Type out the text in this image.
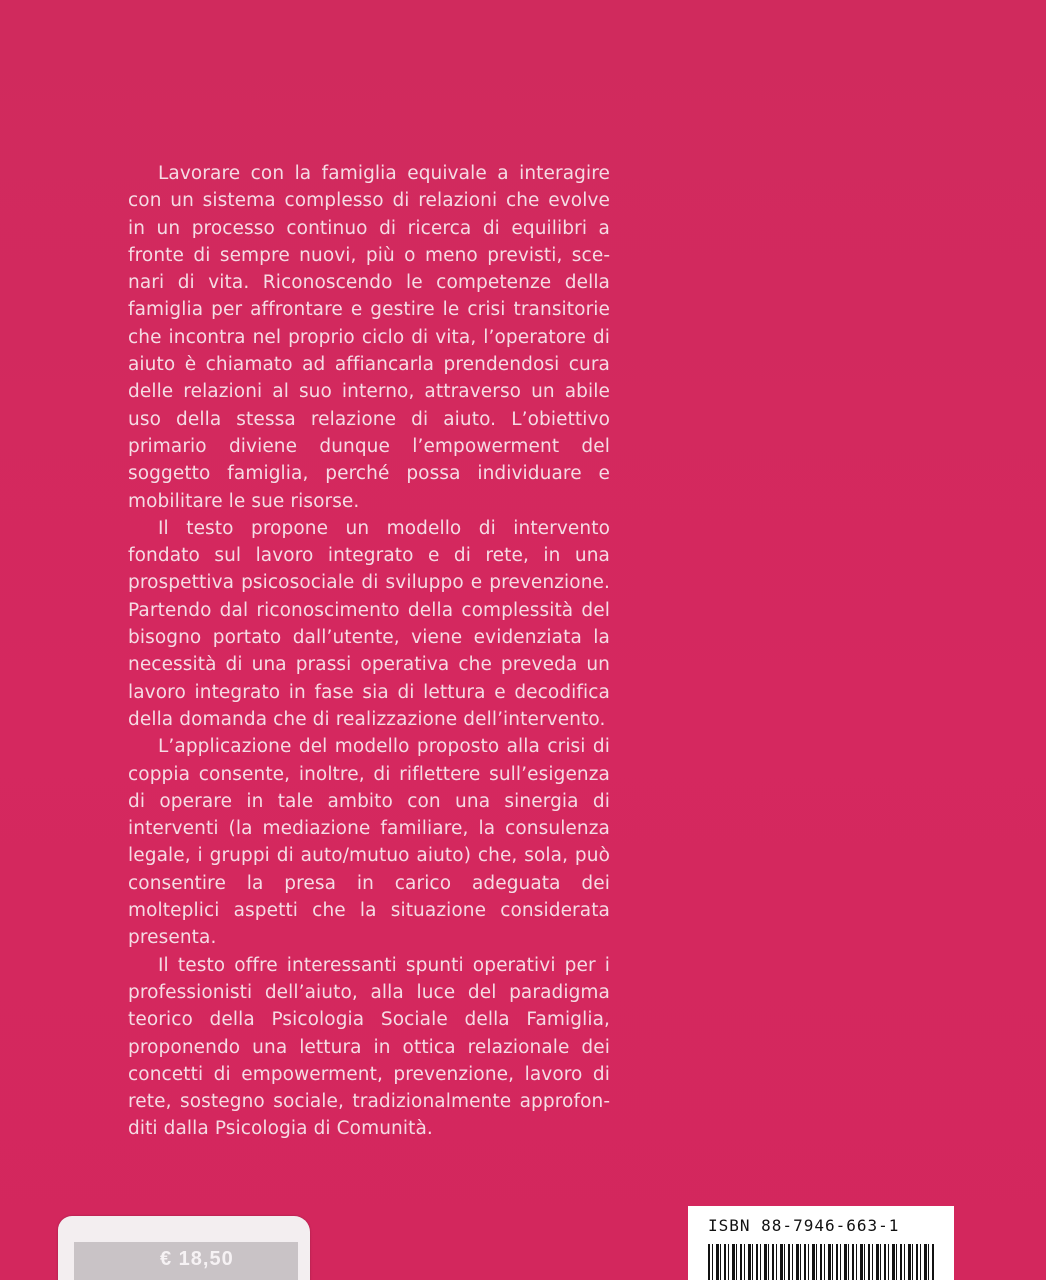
Lavorare con la famiglia equivale a interagire con un sistema complesso di relazioni che evolve in un processo continuo di ricerca di equilibri a fronte di sempre nuovi, più o meno previsti, scenari di vita. Riconoscendo le competenze della famiglia per affrontare e gestire le crisi transitorie che incontra nel proprio ciclo di vita, l’operatore di aiuto è chiamato ad affiancarla prendendosi cura delle relazioni al suo interno, attraverso un abile uso della stessa relazione di aiuto. L’obiettivo primario diviene dunque l’empowerment del soggetto famiglia, perché possa individuare e mobilitare le sue risorse.

Il testo propone un modello di intervento fondato sul lavoro integrato e di rete, in una prospettiva psicosociale di sviluppo e prevenzione. Partendo dal riconoscimento della complessità del bisogno portato dall’utente, viene evidenziata la necessità di una prassi operativa che preveda un lavoro integrato in fase sia di lettura e decodifica della domanda che di realizzazione dell’intervento.

L’applicazione del modello proposto alla crisi di coppia consente, inoltre, di riflettere sull’esigenza di operare in tale ambito con una sinergia di interventi (la mediazione familiare, la consulenza legale, i gruppi di auto/mutuo aiuto) che, sola, può consentire la presa in carico adeguata dei molteplici aspetti che la situazione considerata presenta.

Il testo offre interessanti spunti operativi per i professionisti dell’aiuto, alla luce del paradigma teorico della Psicologia Sociale della Famiglia, proponendo una lettura in ottica relazionale dei concetti di empowerment, prevenzione, lavoro di rete, sostegno sociale, tradizionalmente approfonditi dalla Psicologia di Comunità.

€ 18,50
ISBN 88-7946-663-1
